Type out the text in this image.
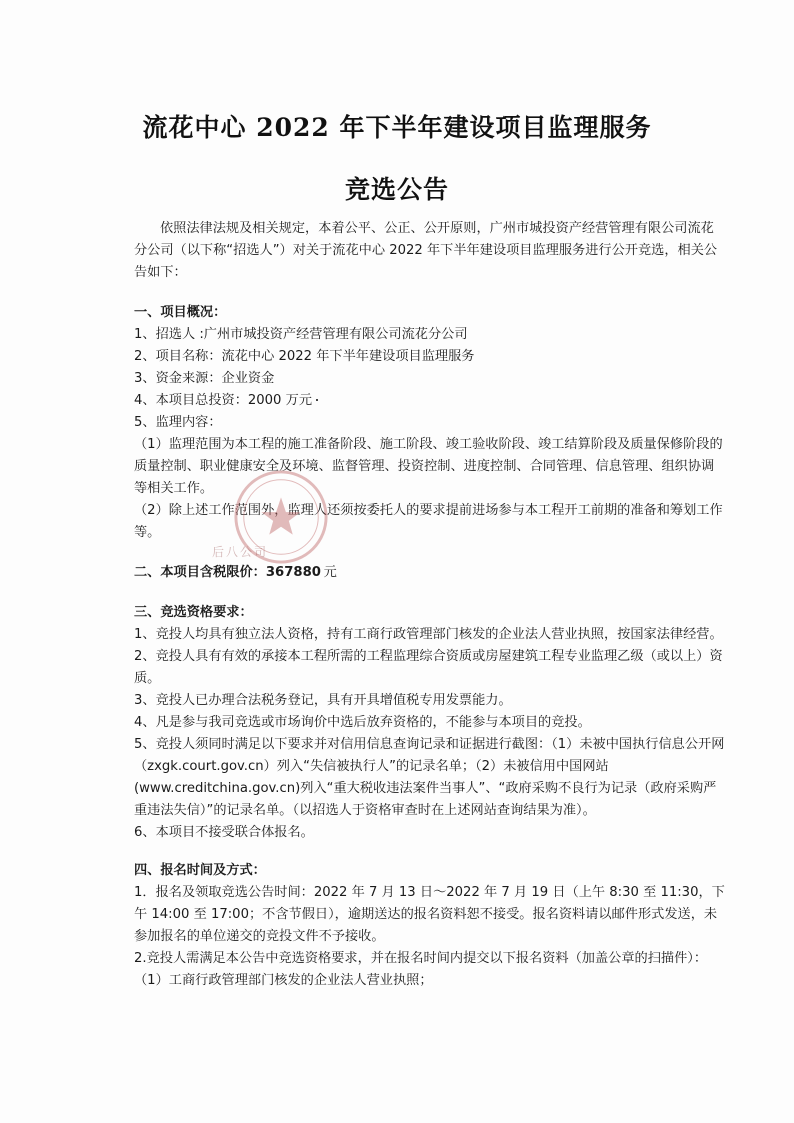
流花中心 2022 年下半年建设项目监理服务
竞选公告

依照法律法规及相关规定，本着公平、公正、公开原则，广州市城投资产经营管理有限公司流花分公司（以下称“招选人”）对关于流花中心 2022 年下半年建设项目监理服务进行公开竞选，相关公告如下：

一、项目概况：

1、招选人 :广州市城投资产经营管理有限公司流花分公司

2、项目名称：流花中心 2022 年下半年建设项目监理服务

3、资金来源：企业资金

4、本项目总投资：2000 万元

5、监理内容：

（1）监理范围为本工程的施工准备阶段、施工阶段、竣工验收阶段、竣工结算阶段及质量保修阶段的质量控制、职业健康安全及环境、监督管理、投资控制、进度控制、合同管理、信息管理、组织协调等相关工作。

（2）除上述工作范围外，监理人还须按委托人的要求提前进场参与本工程开工前期的准备和筹划工作等。

二、本项目含税限价：367880  元

三、竞选资格要求：

1、竞投人均具有独立法人资格，持有工商行政管理部门核发的企业法人营业执照，按国家法律经营。

2、竞投人具有有效的承接本工程所需的工程监理综合资质或房屋建筑工程专业监理乙级（或以上）资质。

3、竞投人已办理合法税务登记，具有开具增值税专用发票能力。

4、凡是参与我司竞选或市场询价中选后放弃资格的，不能参与本项目的竞投。

5、竞投人须同时满足以下要求并对信用信息查询记录和证据进行截图：（1）未被中国执行信息公开网（zxgk.court.gov.cn）列入“失信被执行人”的记录名单；（2）未被信用中国网站(www.creditchina.gov.cn)列入“重大税收违法案件当事人”、“政府采购不良行为记录（政府采购严重违法失信）”的记录名单。（以招选人于资格审查时在上述网站查询结果为准）。

6、本项目不接受联合体报名。

四、报名时间及方式：

1．报名及领取竞选公告时间：2022 年 7 月 13 日～2022 年 7 月 19 日（上午 8:30 至 11:30，下午 14:00 至 17:00；不含节假日），逾期送达的报名资料恕不接受。报名资料请以邮件形式发送，未参加报名的单位递交的竞投文件不予接收。

2.竞投人需满足本公告中竞选资格要求，并在报名时间内提交以下报名资料（加盖公章的扫描件）：

（1）工商行政管理部门核发的企业法人营业执照；

后八公司
